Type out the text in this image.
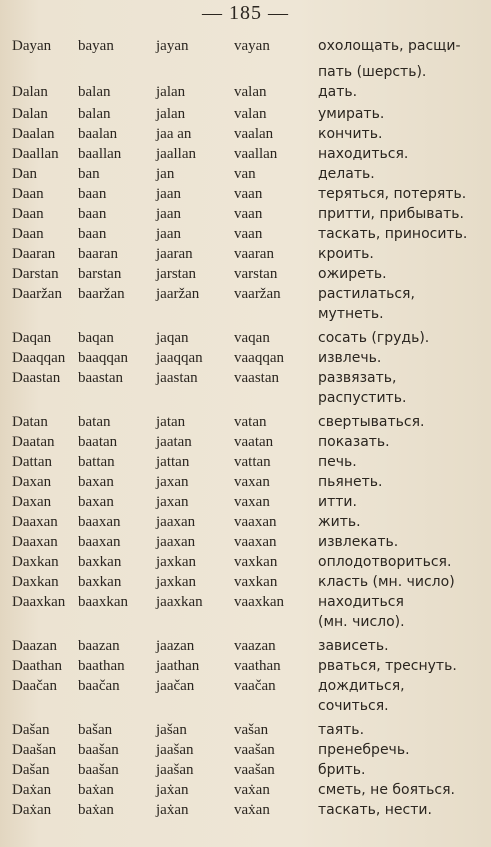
— 185 —
Dayan bayan	jayan	vayan	охолощать, расщи-
пать (шерсть).
Dalan balan	jalan	valan	дать.
Dalan balan	jalan	valan	умирать.
Daalan baalan	jaa an	vaalan	кончить.
Daallan baallan jaallan	vaallan	находиться.
Dan	ban	jan	van	делать.
Daan baan	jaan	vaan	теряться, потерять.
Daan baan	jaan	vaan	притти, прибывать.
Daan baan	jaan	vaan	таскать, приносить.
Daaran baaran	jaaran	vaaran	кроить.
Darstan barstan jarstan	varstan	ожиреть.
Daaržan baaržan jaaržan vaaržan	растилаться,
мутнеть.
Daqan baqan	jaqan	vaqan	сосать (грудь).
Daaqqan baaqqan jaaqqan vaaqqan извлечь.
Daastan baastan jaastan vaastan	развязать,
распустить.
Datan batan	jatan	vatan	свертываться.
Daatan baatan	jaatan	vaatan	показать.
Dattan battan	jattan	vattan	печь.
Daxan baxan	jaxan	vaxan	пьянеть.
Daxan baxan	jaxan	vaxan	итти.
Daaxan baaxan jaaxan	vaaxan	жить.
Daaxan baaxan jaaxan	vaaxan	извлекать.
Daxkan baxkan jaxkan	vaxkan	оплодотвориться.
Daxkan baxkan jaxkan	vaxkan	класть (мн. число)
Daaxkan baaxkan jaaxkan vaaxkan находиться
(мн. число).
Daazan baazan jaazan	vaazan	зависеть.
Daathan baathan jaathan vaathan	рваться, треснуть.
Daačan baačan jaačan	vaačan	дождиться,
сочиться.
Dašan bašan	jašan	vašan	таять.
Daašan baašan jaašan	vaašan	пренебречь.
Dašan baašan jaašan	vaašan	брить.
Daẋan baẋan	jaẋan	vaẋan	сметь, не бояться.
Daẋan baẋan	jaẋan	vaẋan	таскать, нести.
